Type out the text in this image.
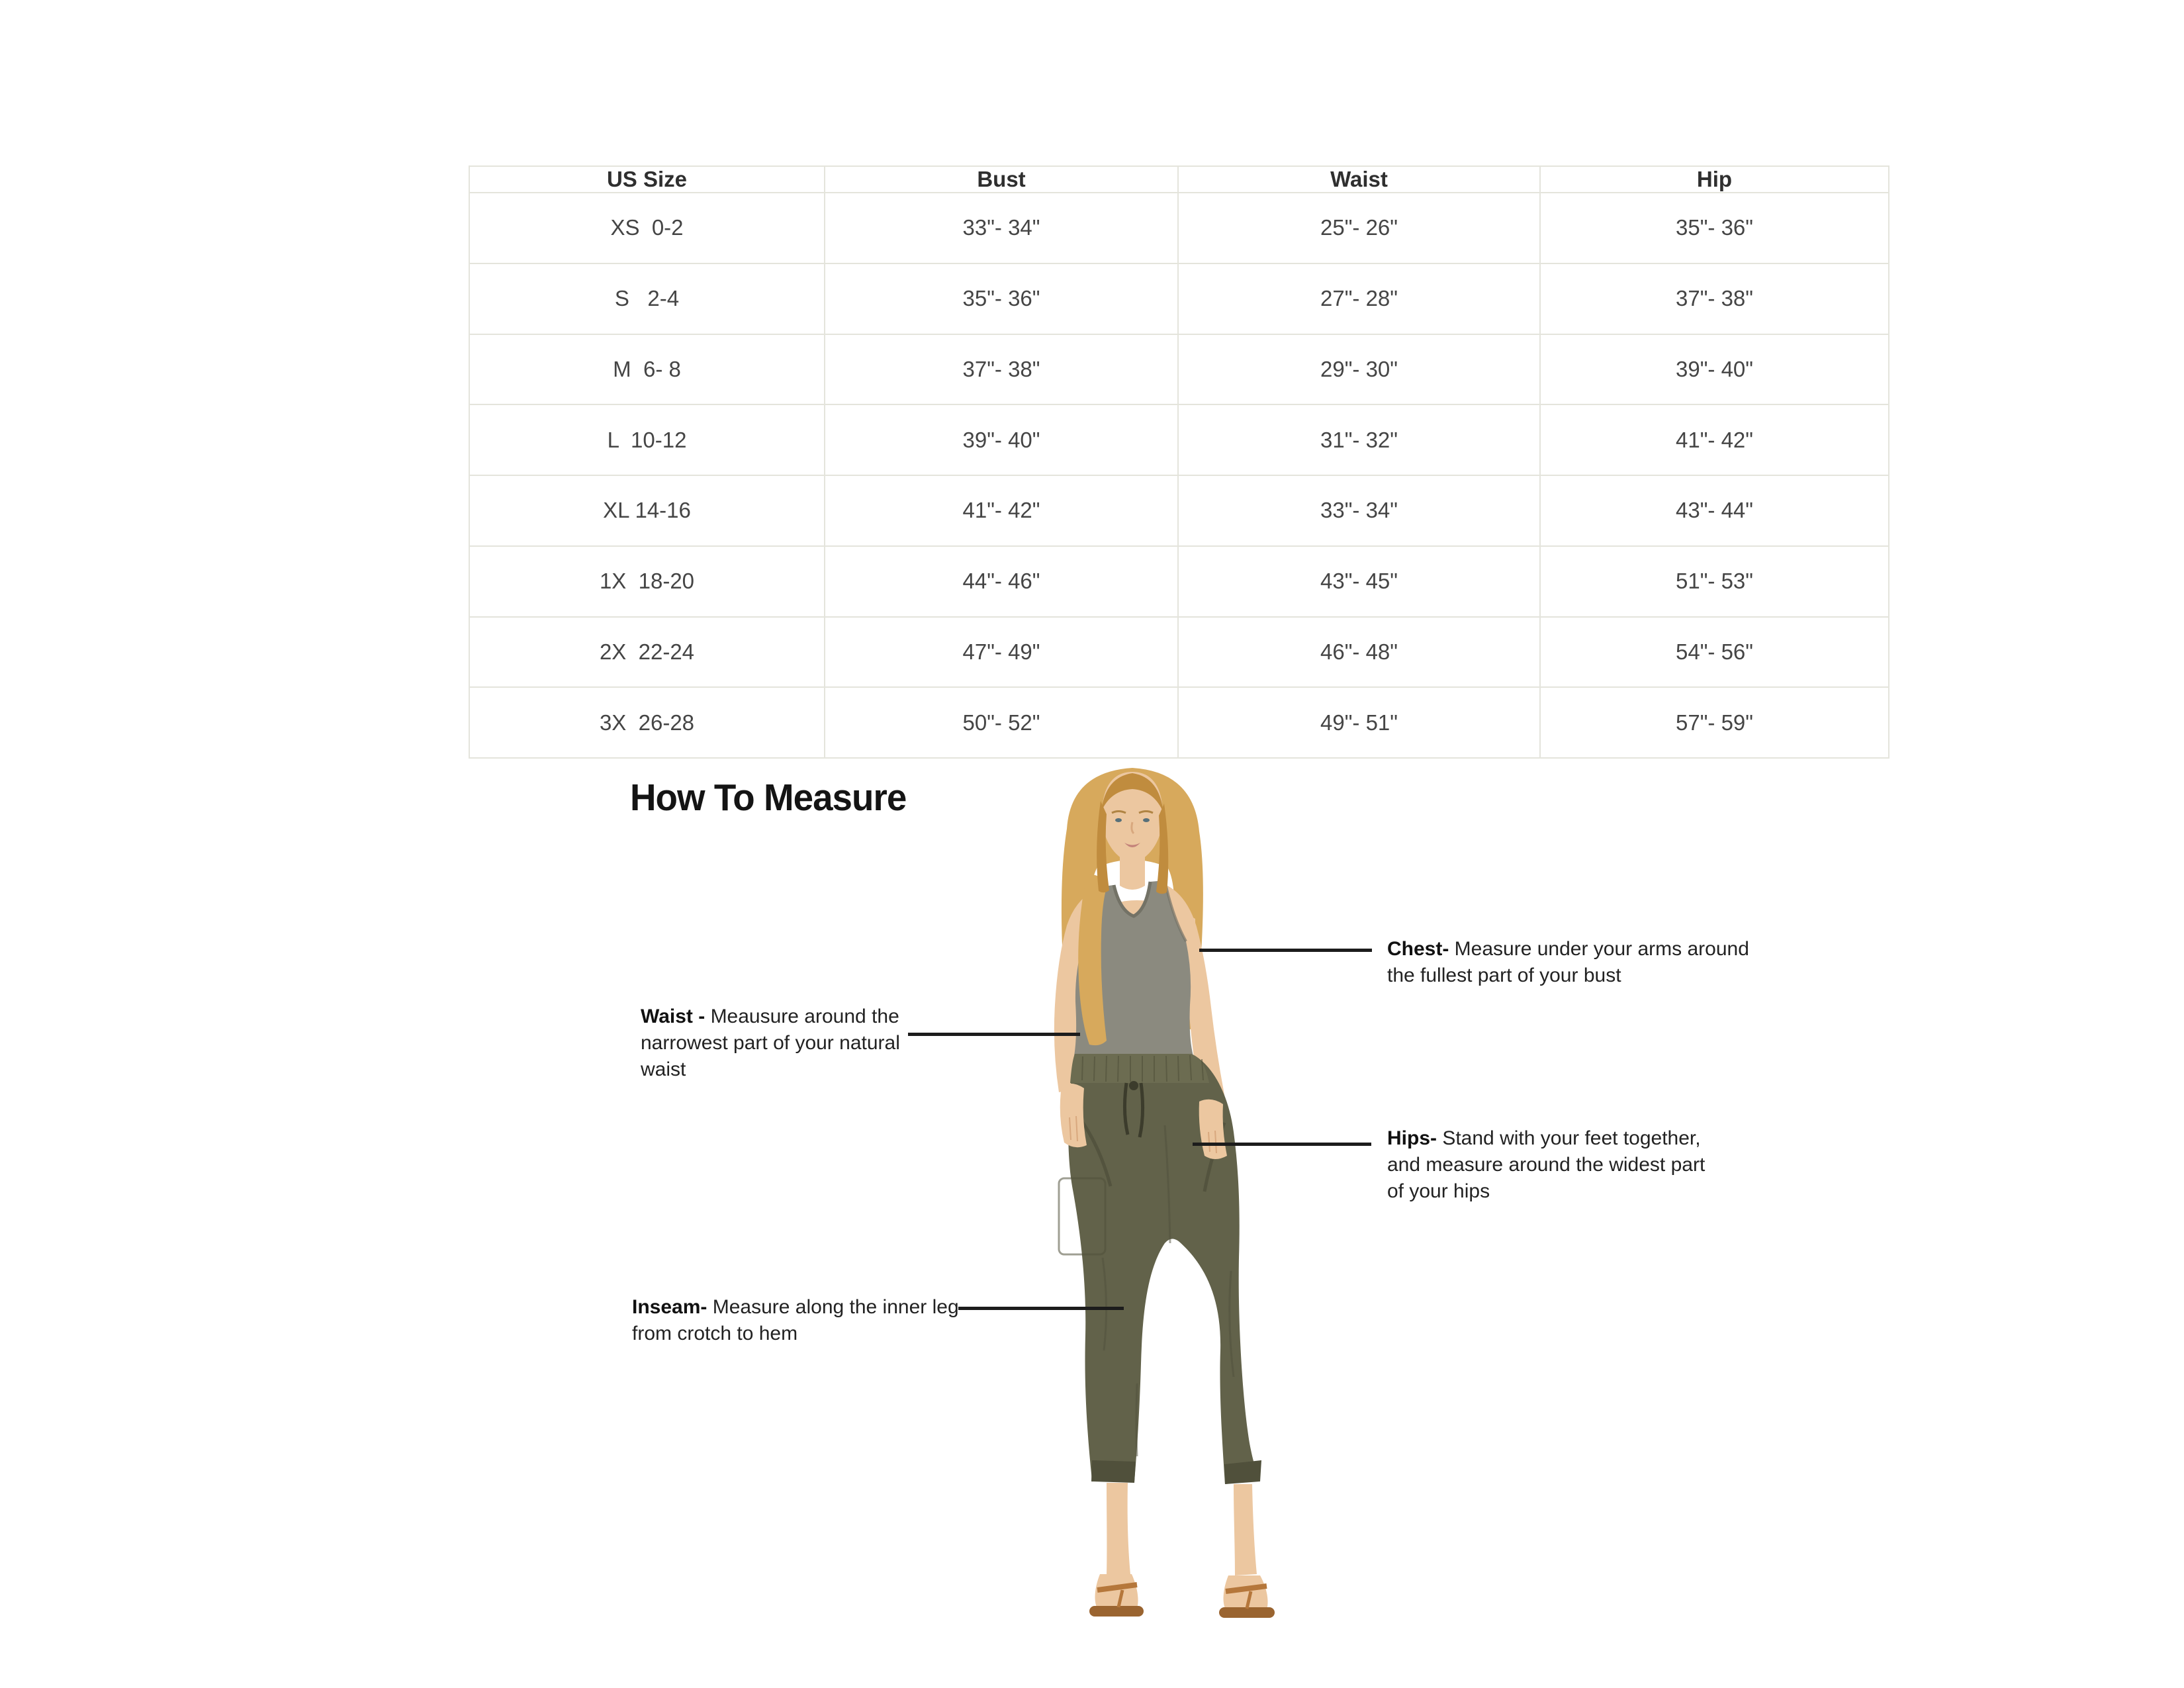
US Size	Bust	Waist	Hip
XS  0-2	33"- 34"	25"- 26"	35"- 36"
S   2-4	35"- 36"	27"- 28"	37"- 38"
M  6- 8	37"- 38"	29"- 30"	39"- 40"
L  10-12	39"- 40"	31"- 32"	41"- 42"
XL 14-16	41"- 42"	33"- 34"	43"- 44"
1X  18-20	44"- 46"	43"- 45"	51"- 53"
2X  22-24	47"- 49"	46"- 48"	54"- 56"
3X  26-28	50"- 52"	49"- 51"	57"- 59"
How To Measure
Chest- Measure under your arms around
the fullest part of your bust
Waist - Meausure around the
narrowest part of your natural
waist
Hips- Stand with your feet together,
and measure around the widest part
of your hips
Inseam- Measure along the inner leg
from crotch to hem
